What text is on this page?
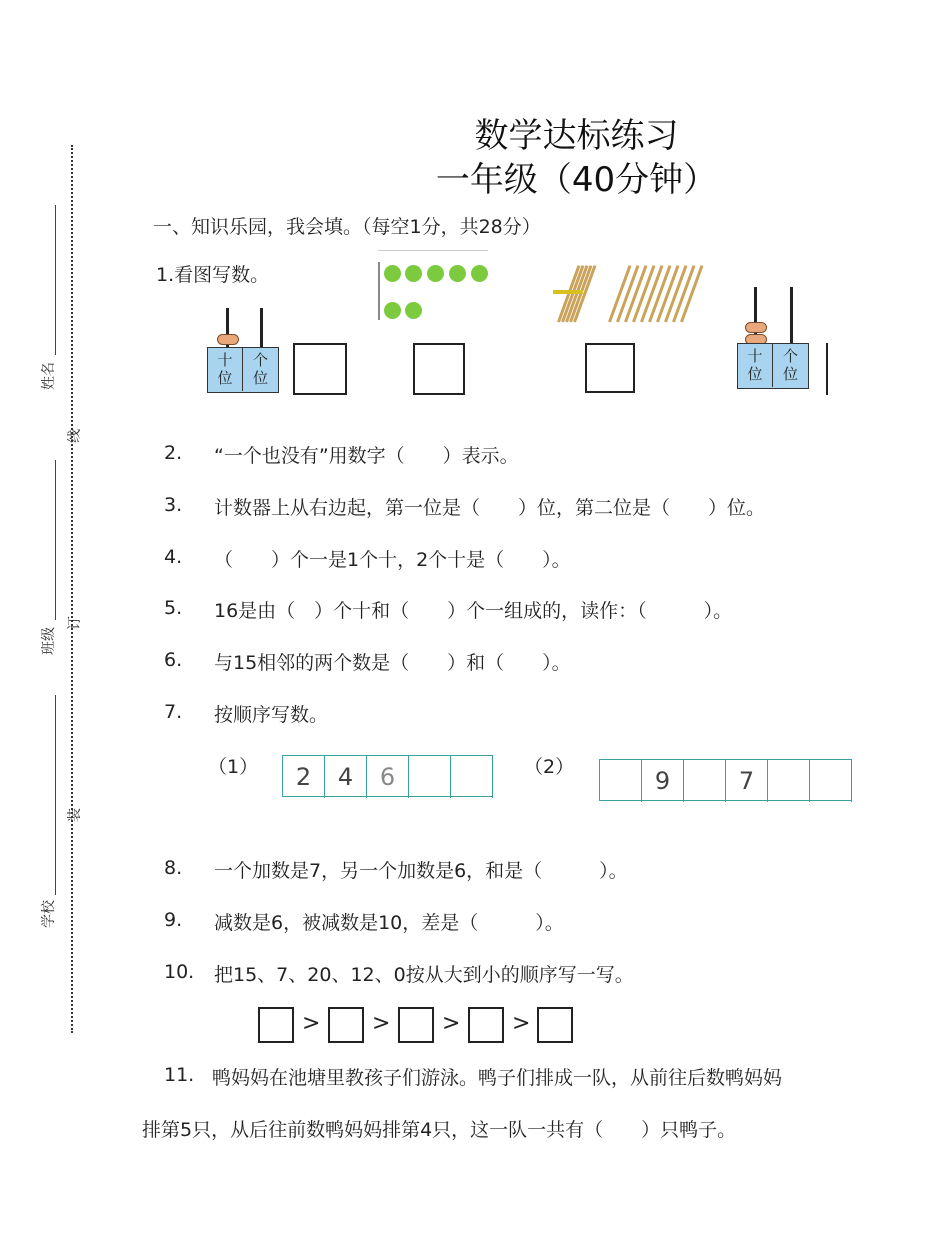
姓名
班级
学校
线
订
装
数学达标练习
一年级（40分钟）
一、知识乐园，我会填。（每空1分，共28分）
1.看图写数。
十
位
个
位
十
位
个
位
2. “一个也没有”用数字（　　）表示。
3. 计数器上从右边起，第一位是（　　）位，第二位是（　　）位。
4. （　　）个一是1个十，2个十是（　　）。
5. 16是由（　）个十和（　　）个一组成的，读作：（　　　）。
6. 与15相邻的两个数是（　　）和（　　）。
7. 按顺序写数。
（1）	2	4	6	（2）	9	7
8. 一个加数是7，另一个加数是6，和是（　　　）。
9. 减数是6，被减数是10，差是（　　　）。
10. 把15、7、20、12、0按从大到小的顺序写一写。
> > > >
11. 鸭妈妈在池塘里教孩子们游泳。鸭子们排成一队，从前往后数鸭妈妈
排第5只，从后往前数鸭妈妈排第4只，这一队一共有（　　）只鸭子。
